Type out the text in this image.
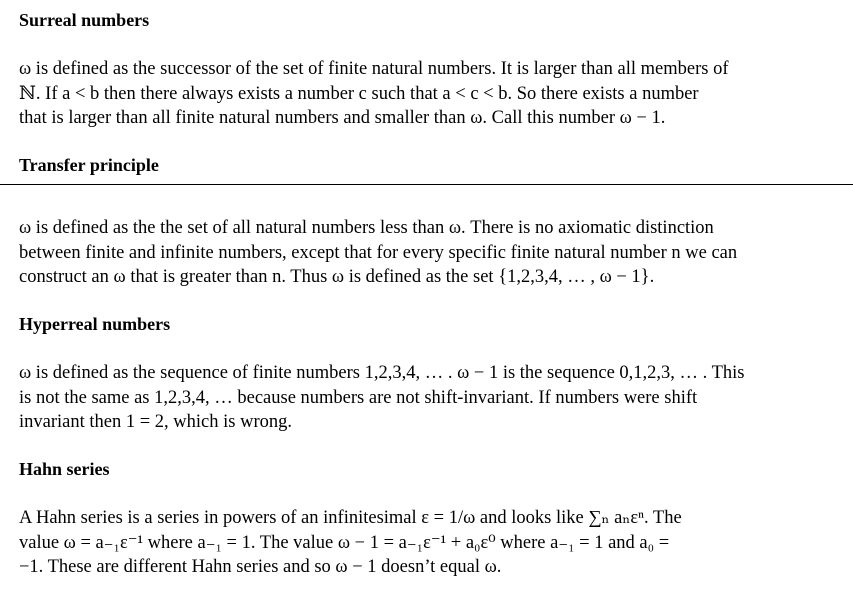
Surreal numbers
ω is defined as the successor of the set of finite natural numbers. It is larger than all members of
ℕ. If a < b then there always exists a number c such that a < c < b. So there exists a number
that is larger than all finite natural numbers and smaller than ω. Call this number ω − 1.
Transfer principle
ω is defined as the the set of all natural numbers less than ω. There is no axiomatic distinction
between finite and infinite numbers, except that for every specific finite natural number n we can
construct an ω that is greater than n. Thus ω is defined as the set {1,2,3,4, … , ω − 1}.
Hyperreal numbers
ω is defined as the sequence of finite numbers 1,2,3,4, … . ω − 1 is the sequence 0,1,2,3, … . This
is not the same as 1,2,3,4, … because numbers are not shift-invariant. If numbers were shift
invariant then 1 = 2, which is wrong.
Hahn series
A Hahn series is a series in powers of an infinitesimal ε = 1/ω and looks like ∑ₙ aₙεⁿ. The
value ω = a₋₁ε⁻¹ where a₋₁ = 1. The value ω − 1 = a₋₁ε⁻¹ + a₀ε⁰ where a₋₁ = 1 and a₀ =
−1. These are different Hahn series and so ω − 1 doesn’t equal ω.
